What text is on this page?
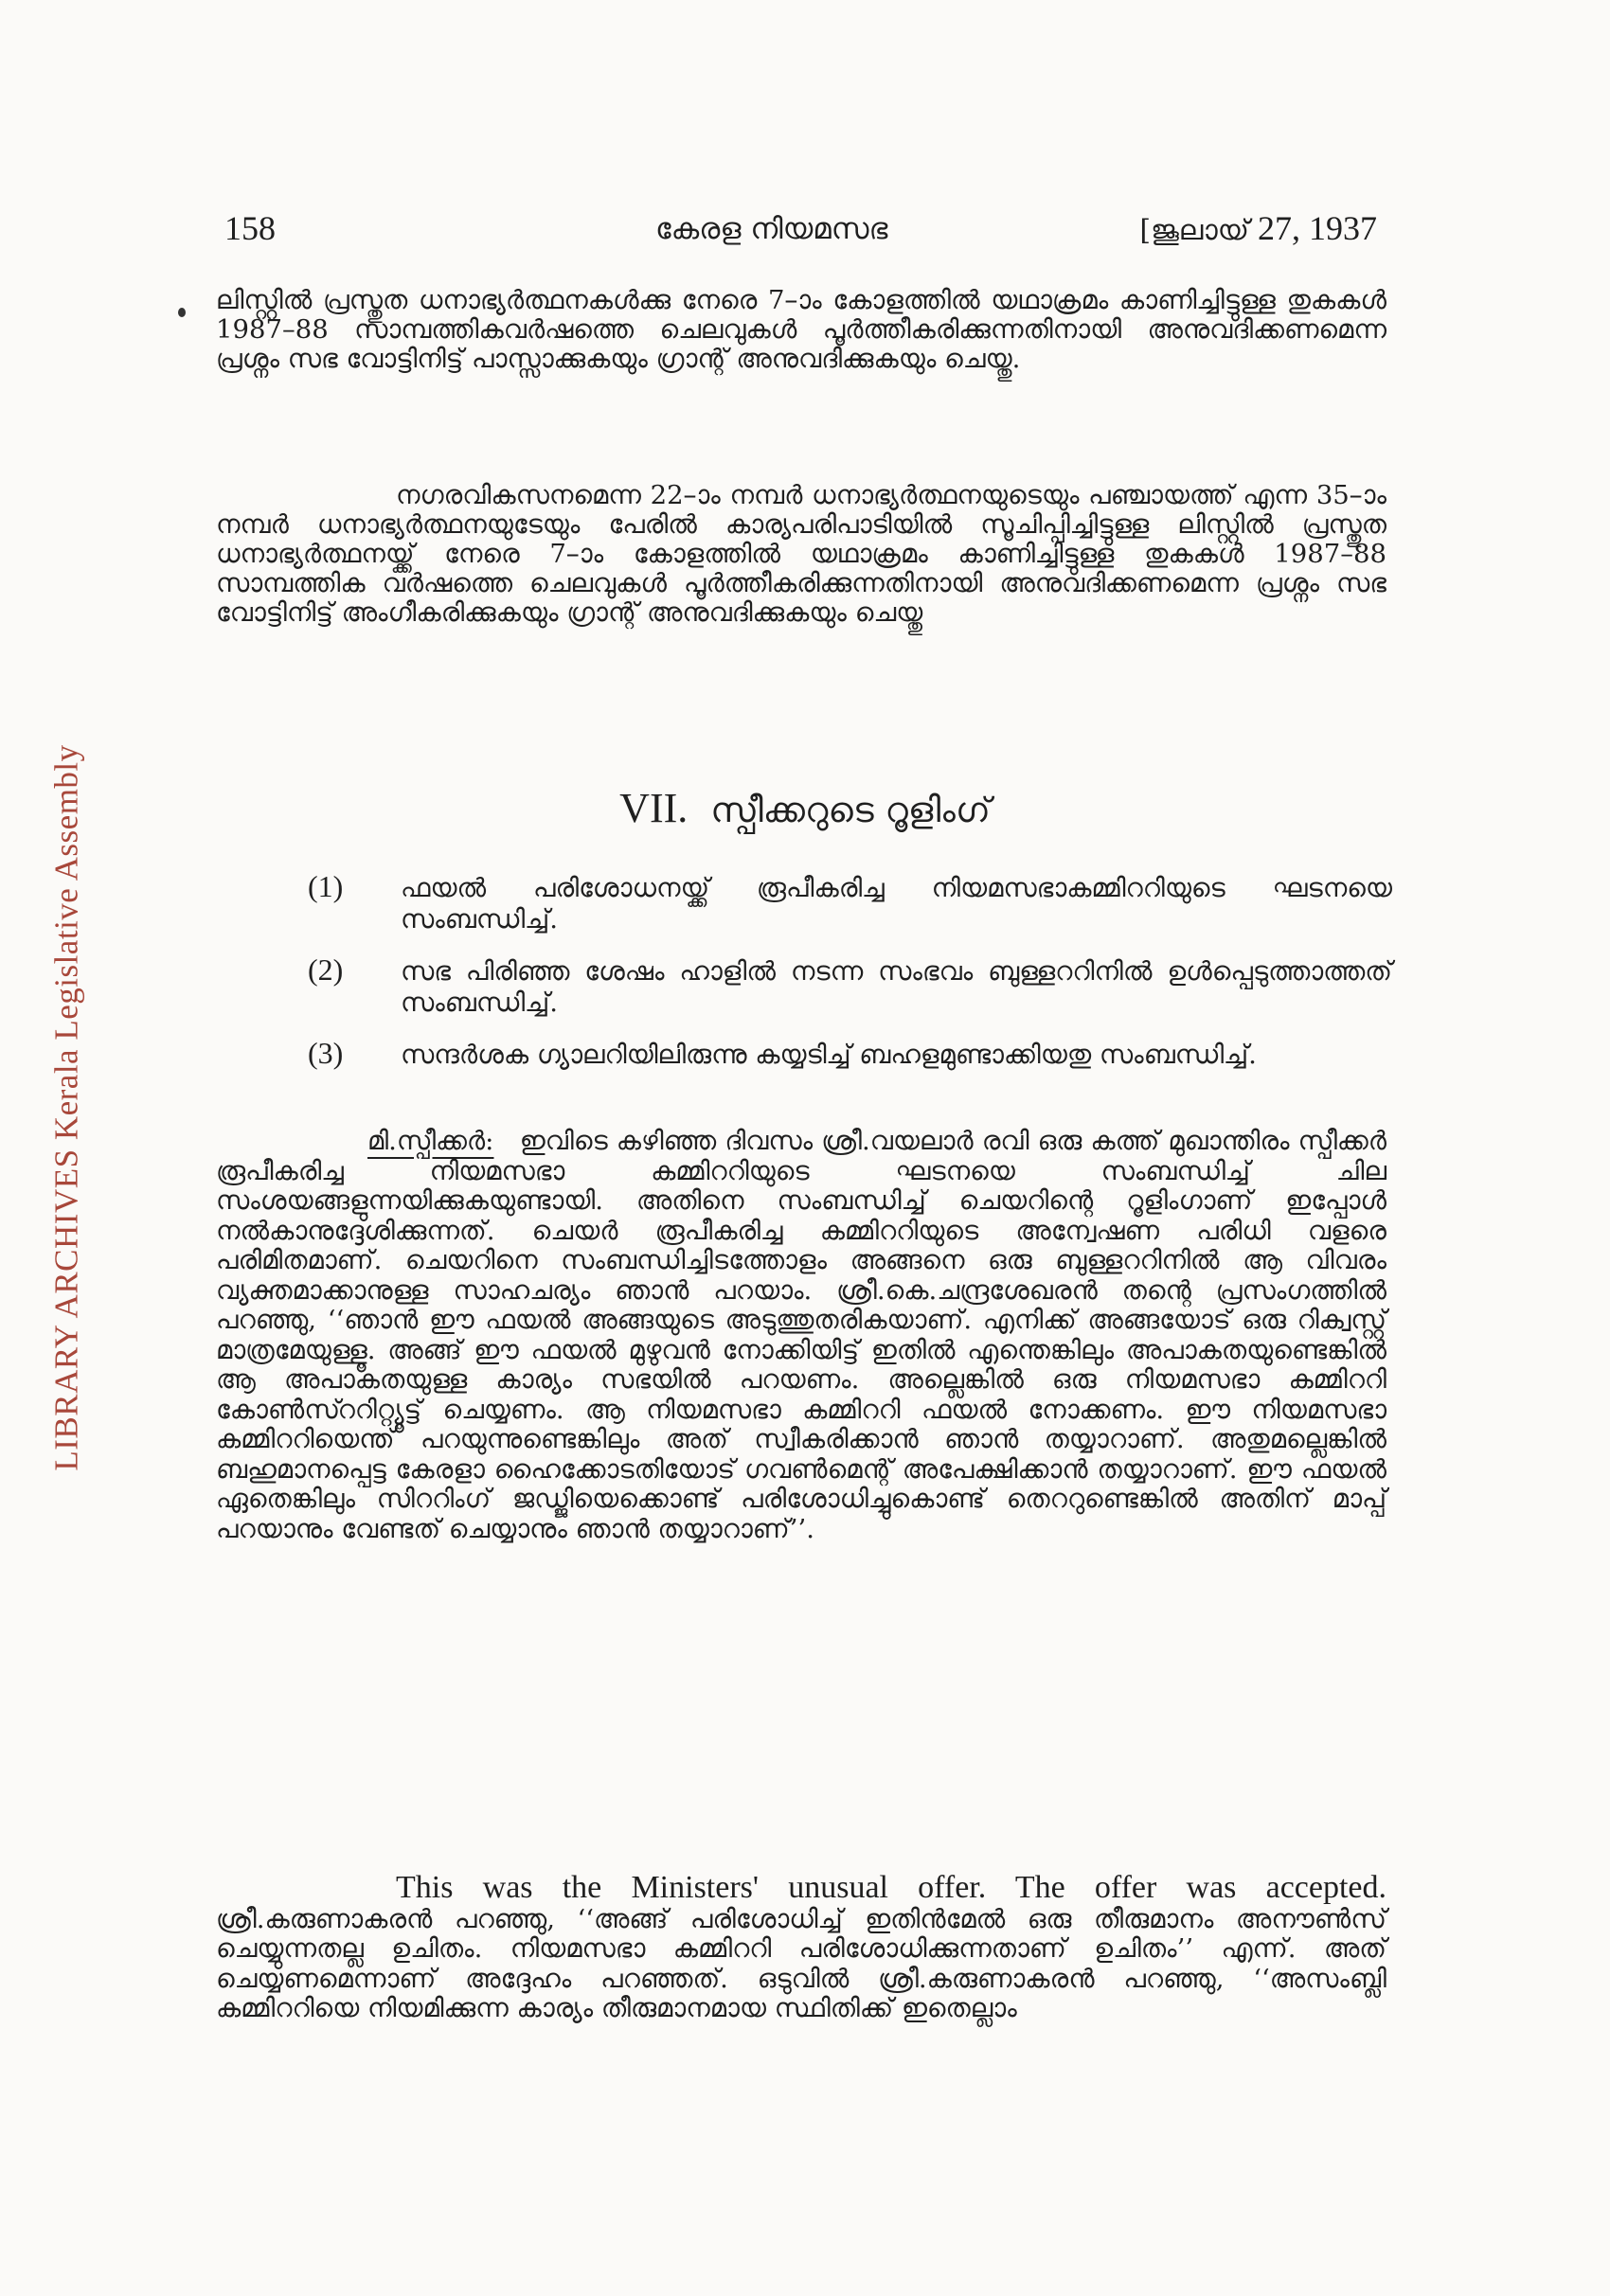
LIBRARY ARCHIVES Kerala Legislative Assembly
158	കേരള നിയമസഭ	[ജൂലായ് 27, 1937

ലിസ്റ്റിൽ പ്രസ്തുത ധനാഭ്യർത്ഥനകൾക്കു നേരെ 7–ാം കോളത്തിൽ യഥാക്രമം കാണിച്ചിട്ടുള്ള തുകകൾ 1987–88 സാമ്പത്തികവർഷത്തെ ചെലവുകൾ പൂർത്തീകരിക്കുന്നതിനായി അനുവദിക്കണമെന്ന പ്രശ്നം സഭ വോട്ടിനിട്ട് പാസ്സാക്കുകയും ഗ്രാന്റ് അനുവദിക്കുകയും ചെയ്തു.

നഗരവികസനമെന്ന 22–ാം നമ്പർ ധനാഭ്യർത്ഥനയുടെയും പഞ്ചായത്ത് എന്ന 35–ാം നമ്പർ ധനാഭ്യർത്ഥനയുടേയും പേരിൽ കാര്യപരിപാടിയിൽ സൂചിപ്പിച്ചിട്ടുള്ള ലിസ്റ്റിൽ പ്രസ്തുത ധനാഭ്യർത്ഥനയ്ക്ക് നേരെ 7–ാം കോളത്തിൽ യഥാക്രമം കാണിച്ചിട്ടുള്ള തുകകൾ 1987–88 സാമ്പത്തിക വർഷത്തെ ചെലവുകൾ പൂർത്തീകരിക്കുന്നതിനായി അനുവദിക്കണമെന്ന പ്രശ്നം സഭ വോട്ടിനിട്ട് അംഗീകരിക്കുകയും ഗ്രാന്റ് അനുവദിക്കുകയും ചെയ്തു

VII. സ്പീക്കറുടെ റൂളിംഗ്
(1) ഫയൽ പരിശോധനയ്ക്ക് രൂപീകരിച്ച നിയമസഭാകമ്മിററിയുടെ ഘടനയെ സംബന്ധിച്ച്.

(2) സഭ പിരിഞ്ഞ ശേഷം ഹാളിൽ നടന്ന സംഭവം ബുള്ളററിനിൽ ഉൾപ്പെടുത്താത്തത് സംബന്ധിച്ച്.

(3) സന്ദർശക ഗ്യാലറിയിലിരുന്നു കയ്യടിച്ച് ബഹളമുണ്ടാക്കിയതു സംബന്ധിച്ച്.

മി.സ്പീക്കർ: ഇവിടെ കഴിഞ്ഞ ദിവസം ശ്രീ.വയലാർ രവി ഒരു കത്ത് മുഖാന്തിരം സ്പീക്കർ രൂപീകരിച്ച നിയമസഭാ കമ്മിററിയുടെ ഘടനയെ സംബന്ധിച്ച് ചില സംശയങ്ങളുന്നയിക്കുകയുണ്ടായി. അതിനെ സംബന്ധിച്ച് ചെയറിന്റെ റൂളിംഗാണ് ഇപ്പോൾ നൽകാനുദ്ദേശിക്കുന്നത്. ചെയർ രൂപീകരിച്ച കമ്മിററിയുടെ അന്വേഷണ പരിധി വളരെ പരിമിതമാണ്. ചെയറിനെ സംബന്ധിച്ചിടത്തോളം അങ്ങനെ ഒരു ബുള്ളററിനിൽ ആ വിവരം വ്യക്തമാക്കാനുള്ള സാഹചര്യം ഞാൻ പറയാം. ശ്രീ.കെ.ചന്ദ്രശേഖരൻ തന്റെ പ്രസംഗത്തിൽ പറഞ്ഞു, ‘‘ഞാൻ ഈ ഫയൽ അങ്ങയുടെ അടുത്തുതരികയാണ്. എനിക്ക് അങ്ങയോട് ഒരു റിക്വസ്റ്റ് മാത്രമേയുള്ളൂ. അങ്ങ് ഈ ഫയൽ മുഴുവൻ നോക്കിയിട്ട് ഇതിൽ എന്തെങ്കിലും അപാകതയുണ്ടെങ്കിൽ ആ അപാകതയുള്ള കാര്യം സഭയിൽ പറയണം. അല്ലെങ്കിൽ ഒരു നിയമസഭാ കമ്മിററി കോൺസ്ററിറ്റ്യൂട്ട് ചെയ്യണം. ആ നിയമസഭാ കമ്മിററി ഫയൽ നോക്കണം. ഈ നിയമസഭാ കമ്മിററിയെന്ത് പറയുന്നുണ്ടെങ്കിലും അത് സ്വീകരിക്കാൻ ഞാൻ തയ്യാറാണ്. അതുമല്ലെങ്കിൽ ബഹുമാനപ്പെട്ട കേരളാ ഹൈക്കോടതിയോട് ഗവൺമെന്റ് അപേക്ഷിക്കാൻ തയ്യാറാണ്. ഈ ഫയൽ ഏതെങ്കിലും സിററിംഗ് ജഡ്ജിയെക്കൊണ്ട് പരിശോധിച്ചുകൊണ്ട് തെററുണ്ടെങ്കിൽ അതിന് മാപ്പ് പറയാനും വേണ്ടത് ചെയ്യാനും ഞാൻ തയ്യാറാണ്’’.

This was the Ministers' unusual offer. The offer was accepted. ശ്രീ.കരുണാകരൻ പറഞ്ഞു, ‘‘അങ്ങ് പരിശോധിച്ച് ഇതിൻമേൽ ഒരു തീരുമാനം അനൗൺസ് ചെയ്യുന്നതല്ല ഉചിതം. നിയമസഭാ കമ്മിററി പരിശോധിക്കുന്നതാണ് ഉചിതം’’ എന്ന്. അത് ചെയ്യണമെന്നാണ് അദ്ദേഹം പറഞ്ഞത്. ഒടുവിൽ ശ്രീ.കരുണാകരൻ പറഞ്ഞു, ‘‘അസംബ്ലി കമ്മിററിയെ നിയമിക്കുന്ന കാര്യം തീരുമാനമായ സ്ഥിതിക്ക് ഇതെല്ലാം
